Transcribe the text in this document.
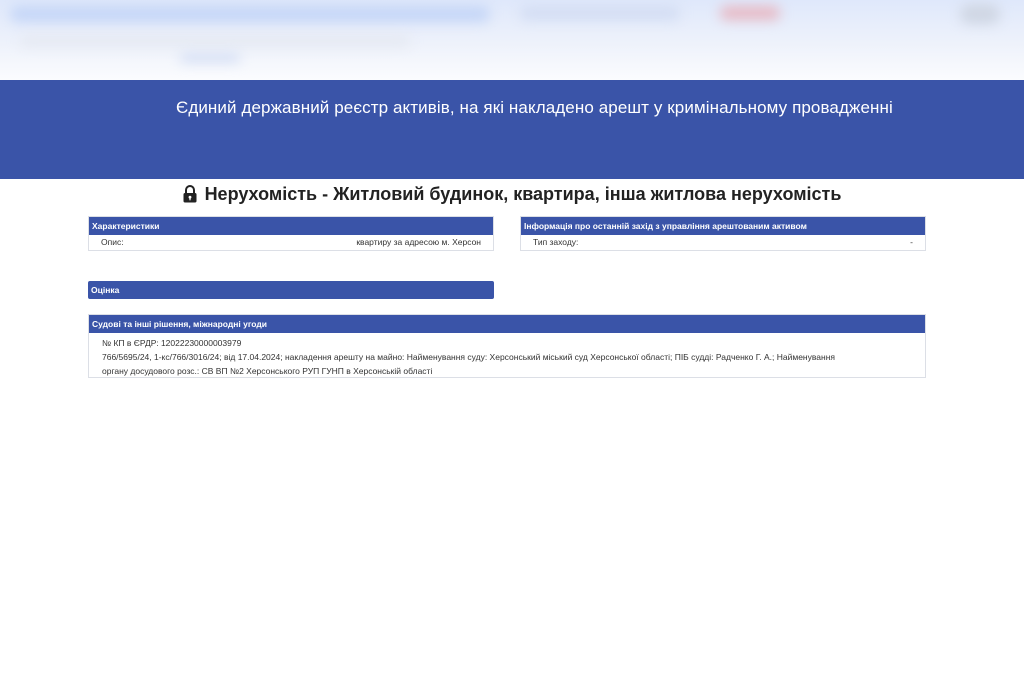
Єдиний державний реєстр активів, на які накладено арешт у кримінальному провадженні
Нерухомість - Житловий будинок, квартира, інша житлова нерухомість
Характеристики
Опис:	квартиру за адресою м. Херсон
Інформація про останній захід з управління арештованим активом
Тип заходу:	-
Оцінка
Судові та інші рішення, міжнародні угоди
№ КП в ЄРДР: 12022230000003979
766/5695/24, 1-кс/766/3016/24; від 17.04.2024; накладення арешту на майно: Найменування суду: Херсонський міський суд Херсонської області; ПІБ судді: Радченко Г. А.; Найменування
органу досудового розс.: СВ ВП №2 Херсонського РУП ГУНП в Херсонській області
